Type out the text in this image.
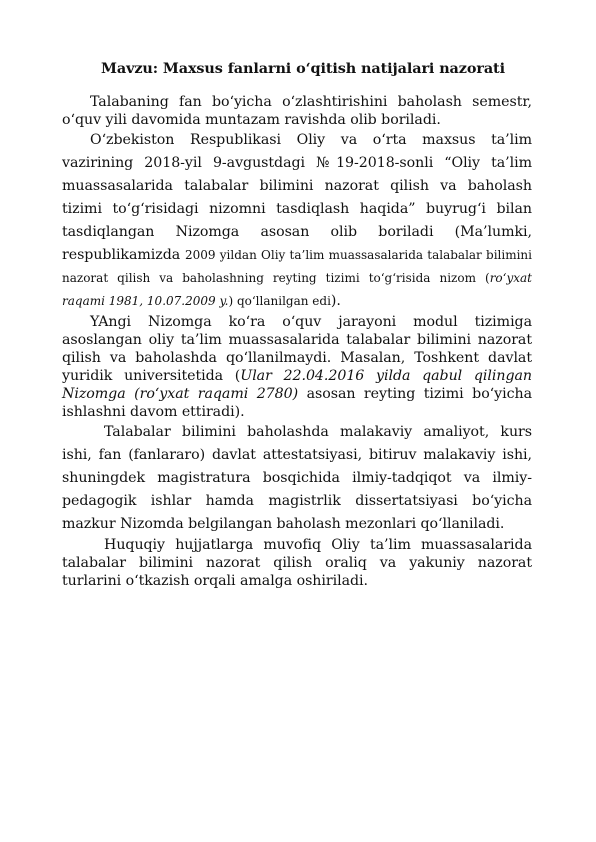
Mavzu: Maxsus fanlarni o‘qitish natijalari nazorati

Talabaning fan bo‘yicha o‘zlashtirishini baholash semestr, o‘quv yili davomida muntazam ravishda olib boriladi.

O‘zbekiston Respublikasi Oliy va o‘rta maxsus ta’lim vazirining 2018-yil 9-avgustdagi №19-2018-sonli “Oliy ta’lim muassasalarida talabalar bilimini nazorat qilish va baholash tizimi to‘g‘risidagi nizomni tasdiqlash haqida” buyrug‘i bilan tasdiqlangan Nizomga asosan olib boriladi (Ma’lumki, respublikamizda 2009 yildan Oliy ta’lim muassasalarida talabalar bilimini nazorat qilish va baholashning reyting tizimi to‘g‘risida nizom (ro‘yxat raqami 1981, 10.07.2009 y.) qo‘llanilgan edi).

YAngi Nizomga ko‘ra o‘quv jarayoni modul tizimiga asoslangan oliy ta’lim muassasalarida talabalar bilimini nazorat qilish va baholashda qo‘llanilmaydi. Masalan, Toshkent davlat yuridik universitetida (Ular 22.04.2016 yilda qabul qilingan Nizomga (ro‘yxat raqami 2780) asosan reyting tizimi bo‘yicha ishlashni davom ettiradi).

Talabalar bilimini baholashda malakaviy amaliyot, kurs ishi, fan (fanlararo) davlat attestatsiyasi, bitiruv malakaviy ishi, shuningdek magistratura bosqichida ilmiy-tadqiqot va ilmiy-pedagogik ishlar hamda magistrlik dissertatsiyasi bo‘yicha mazkur Nizomda belgilangan baholash mezonlari qo‘llaniladi.

Huquqiy hujjatlarga muvofiq Oliy ta’lim muassasalarida talabalar bilimini nazorat qilish oraliq va yakuniy nazorat turlarini o‘tkazish orqali amalga oshiriladi.
